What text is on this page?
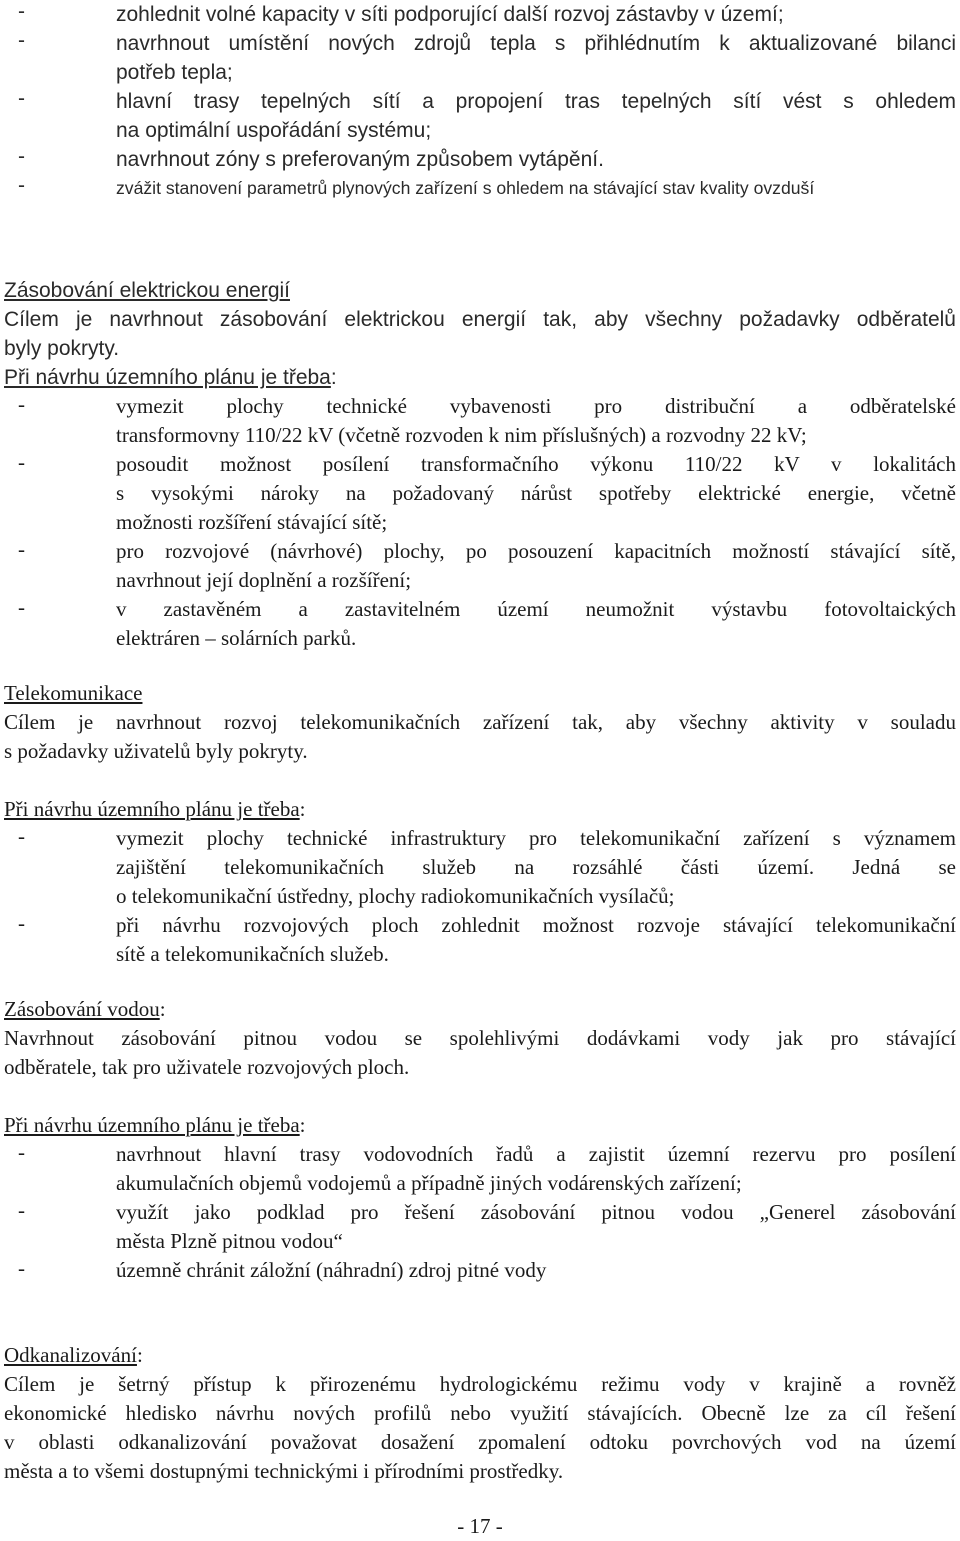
-	zohlednit volné kapacity v síti podporující další rozvoj zástavby v území;
-	navrhnout umístění nových zdrojů tepla s přihlédnutím k aktualizované bilanci
potřeb tepla;
-	hlavní trasy tepelných sítí a propojení tras tepelných sítí vést s ohledem
na optimální uspořádání systému;
-	navrhnout zóny s preferovaným způsobem vytápění.
-	zvážit stanovení parametrů plynových zařízení s ohledem na stávající stav kvality ovzduší
Zásobování elektrickou energií
Cílem je navrhnout zásobování elektrickou energií tak, aby všechny požadavky odběratelů
byly pokryty.
Při návrhu územního plánu je třeba:
-	vymezit plochy technické vybavenosti pro distribuční a odběratelské
transformovny 110/22 kV (včetně rozvoden k nim příslušných) a rozvodny 22 kV;
-	posoudit možnost posílení transformačního výkonu 110/22 kV v lokalitách
s vysokými nároky na požadovaný nárůst spotřeby elektrické energie, včetně
možnosti rozšíření stávající sítě;
-	pro rozvojové (návrhové) plochy, po posouzení kapacitních možností stávající sítě,
navrhnout její doplnění a rozšíření;
-	v zastavěném a zastavitelném území neumožnit výstavbu fotovoltaických
elektráren – solárních parků.
Telekomunikace
Cílem je navrhnout rozvoj telekomunikačních zařízení tak, aby všechny aktivity v souladu
s požadavky uživatelů byly pokryty.
Při návrhu územního plánu je třeba:
-	vymezit plochy technické infrastruktury pro telekomunikační zařízení s významem
zajištění telekomunikačních služeb na rozsáhlé části území. Jedná se
o telekomunikační ústředny, plochy radiokomunikačních vysílačů;
-	při návrhu rozvojových ploch zohlednit možnost rozvoje stávající telekomunikační
sítě a telekomunikačních služeb.
Zásobování vodou:
Navrhnout zásobování pitnou vodou se spolehlivými dodávkami vody jak pro stávající
odběratele, tak pro uživatele rozvojových ploch.
Při návrhu územního plánu je třeba:
-	navrhnout hlavní trasy vodovodních řadů a zajistit územní rezervu pro posílení
akumulačních objemů vodojemů a případně jiných vodárenských zařízení;
-	využít jako podklad pro řešení zásobování pitnou vodou „Generel zásobování
města Plzně pitnou vodou“
-	územně chránit záložní (náhradní) zdroj pitné vody
Odkanalizování:
Cílem je šetrný přístup k přirozenému hydrologickému režimu vody v krajině a rovněž
ekonomické hledisko návrhu nových profilů nebo využití stávajících. Obecně lze za cíl řešení
v oblasti odkanalizování považovat dosažení zpomalení odtoku povrchových vod na území
města a to všemi dostupnými technickými i přírodními prostředky.
- 17 -
